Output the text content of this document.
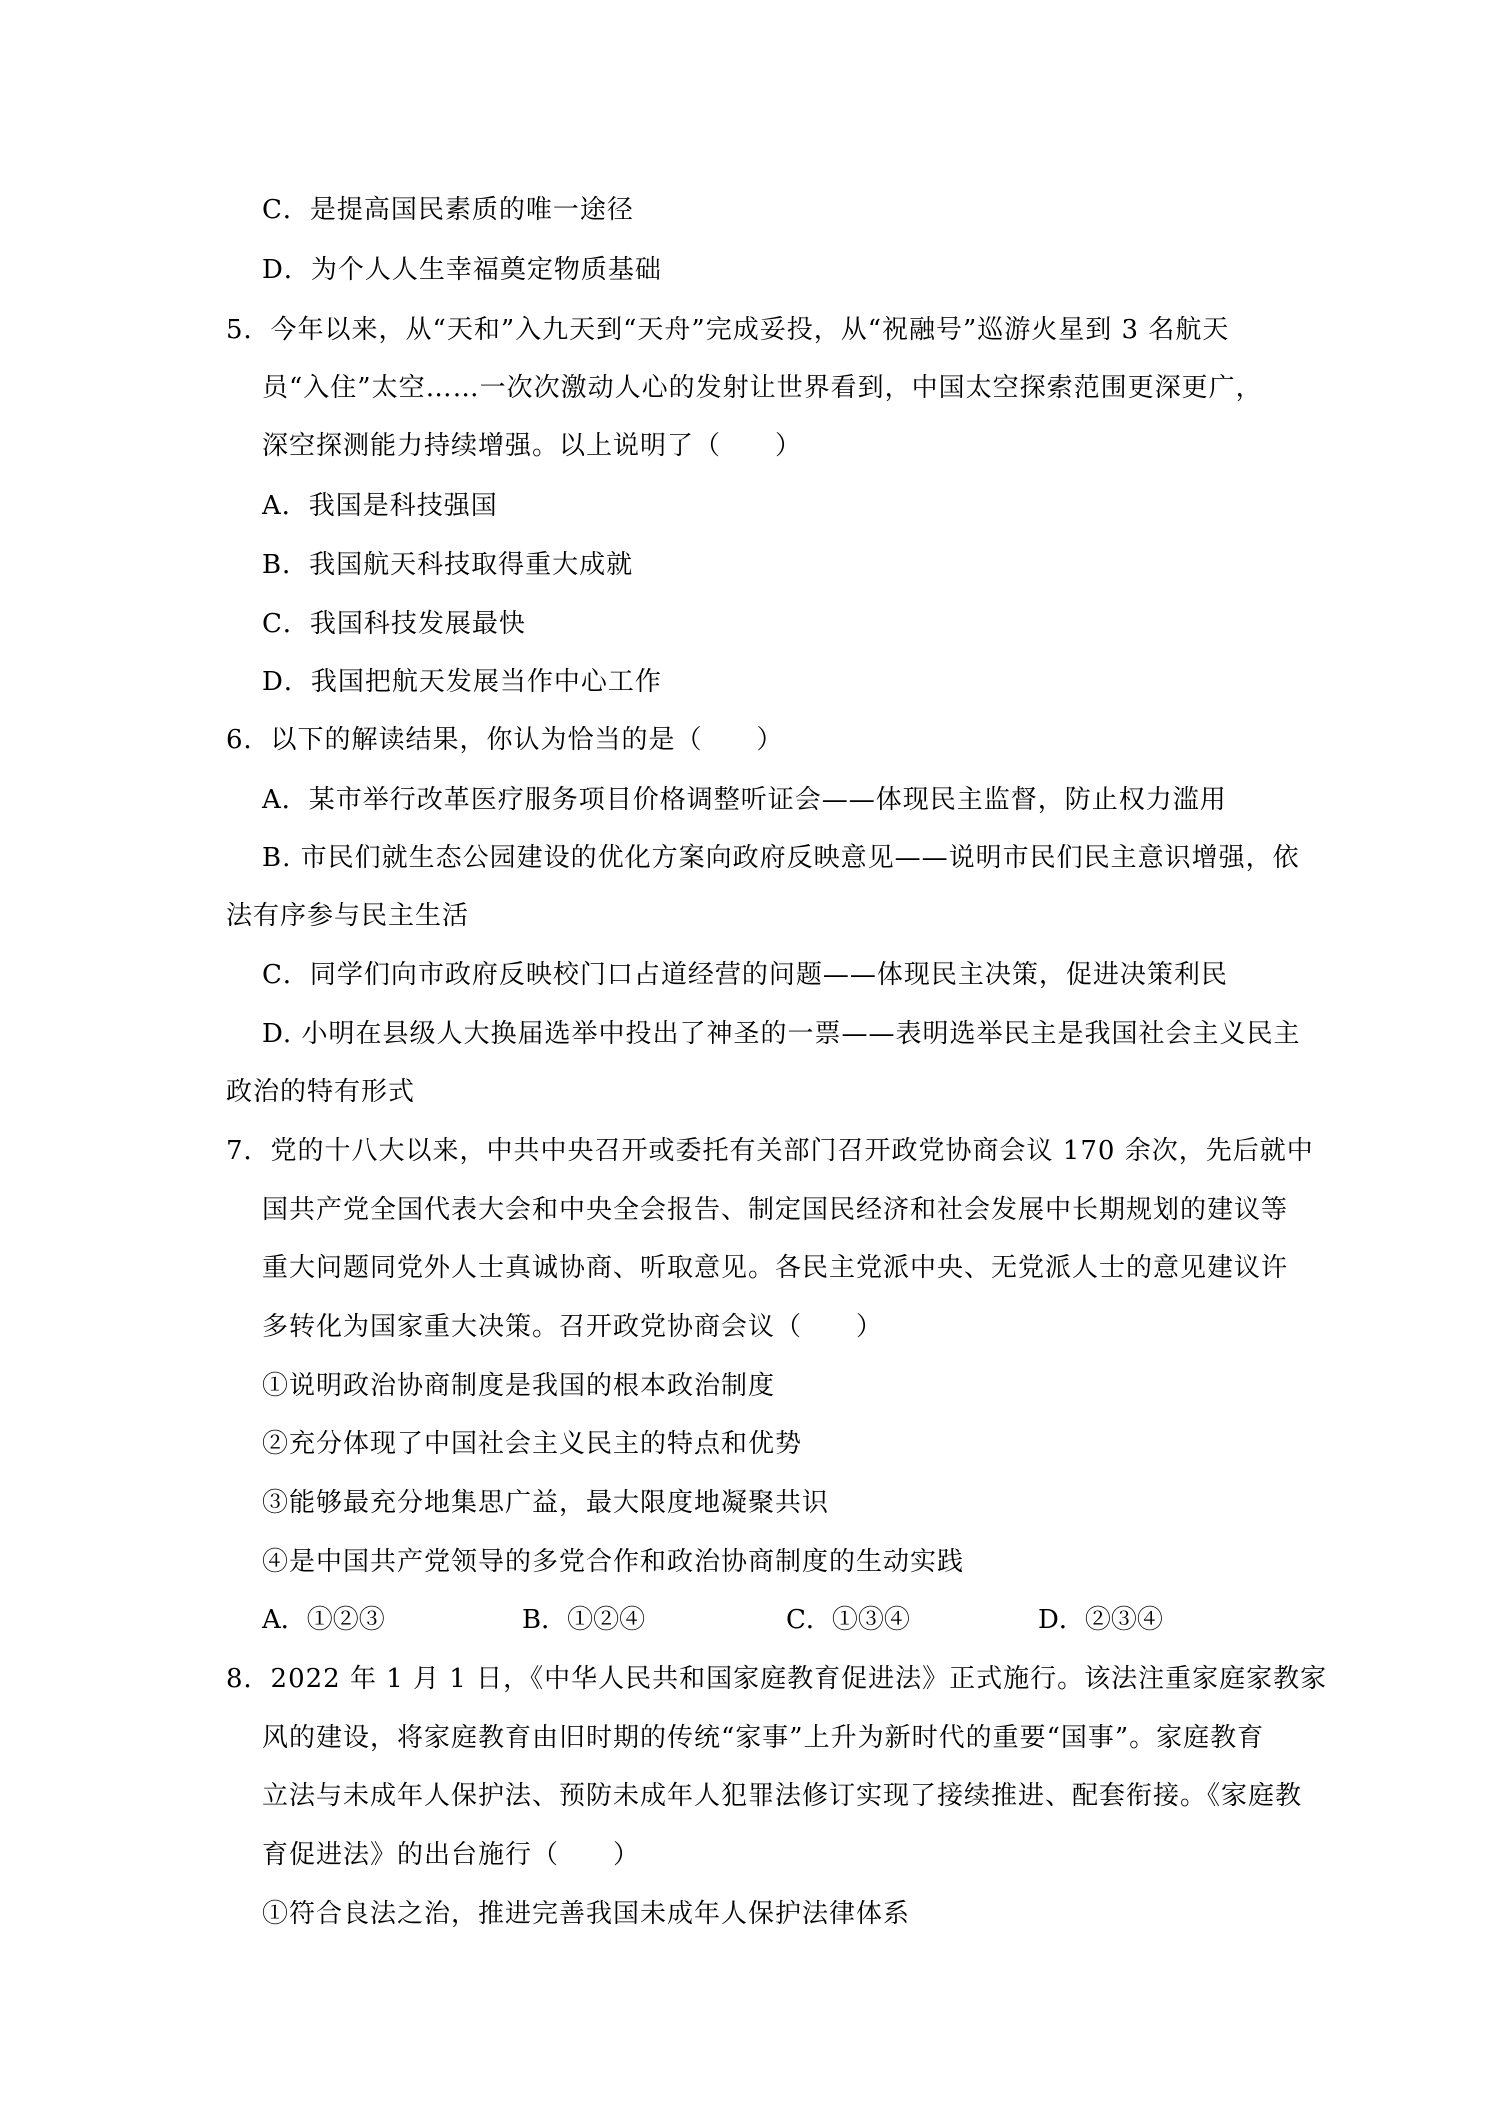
C．是提高国民素质的唯一途径
D．为个人人生幸福奠定物质基础
5．今年以来，从“天和”入九天到“天舟”完成妥投，从“祝融号”巡游火星到 3 名航天
员“入住”太空……一次次激动人心的发射让世界看到，中国太空探索范围更深更广，
深空探测能力持续增强。以上说明了（　　）
A．我国是科技强国
B．我国航天科技取得重大成就
C．我国科技发展最快
D．我国把航天发展当作中心工作
6．以下的解读结果，你认为恰当的是（　　）
A．某市举行改革医疗服务项目价格调整听证会——体现民主监督，防止权力滥用
B. 市民们就生态公园建设的优化方案向政府反映意见——说明市民们民主意识增强，依
法有序参与民主生活
C．同学们向市政府反映校门口占道经营的问题——体现民主决策，促进决策利民
D. 小明在县级人大换届选举中投出了神圣的一票——表明选举民主是我国社会主义民主
政治的特有形式
7．党的十八大以来，中共中央召开或委托有关部门召开政党协商会议 170 余次，先后就中
国共产党全国代表大会和中央全会报告、制定国民经济和社会发展中长期规划的建议等
重大问题同党外人士真诚协商、听取意见。各民主党派中央、无党派人士的意见建议许
多转化为国家重大决策。召开政党协商会议（　　）
①说明政治协商制度是我国的根本政治制度
②充分体现了中国社会主义民主的特点和优势
③能够最充分地集思广益，最大限度地凝聚共识
④是中国共产党领导的多党合作和政治协商制度的生动实践
A．①②③	B．①②④	C．①③④	D．②③④
8．2022 年 1 月 1 日，《中华人民共和国家庭教育促进法》正式施行。该法注重家庭家教家
风的建设，将家庭教育由旧时期的传统“家事”上升为新时代的重要“国事”。家庭教育
立法与未成年人保护法、预防未成年人犯罪法修订实现了接续推进、配套衔接。《家庭教
育促进法》的出台施行（　　）
①符合良法之治，推进完善我国未成年人保护法律体系
